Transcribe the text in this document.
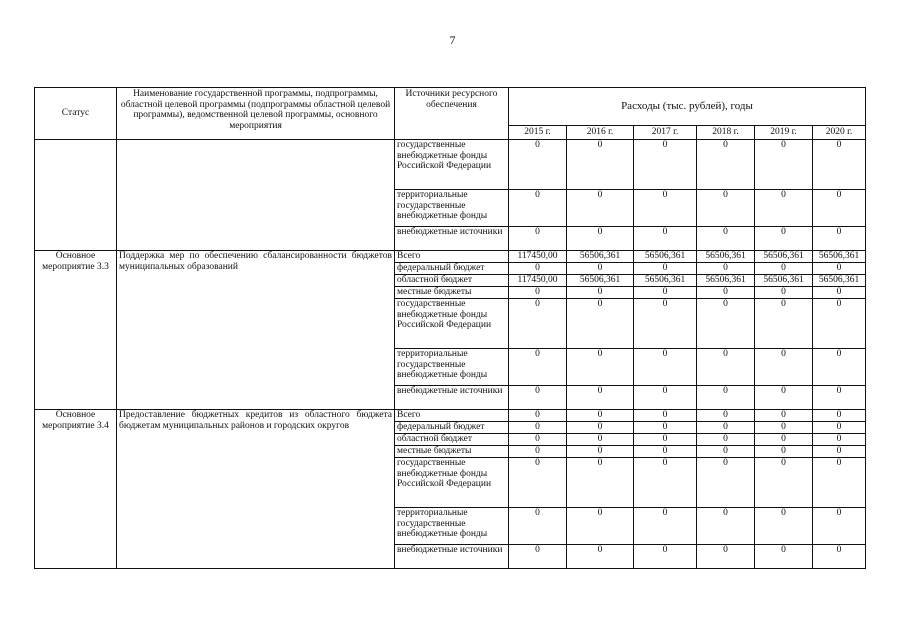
7
Статус	Наименование государственной программы, подпрограммы, областной целевой программы (подпрограммы областной целевой программы), ведомственной целевой программы, основного мероприятия	Источники ресурсного обеспечения	Расходы (тыс. рублей), годы					
			2015 г.	2016 г.	2017 г.	2018 г.	2019 г.	2020 г.
		государственные внебюджетные фонды Российской Федерации	0	0	0	0	0	0
		территориальные государственные внебюджетные фонды	0	0	0	0	0	0
		внебюджетные источники	0	0	0	0	0	0
Основное мероприятие 3.3	Поддержка мер по обеспечению сбалансированности бюджетов муниципальных образований	Всего	117450,00	56506,361	56506,361	56506,361	56506,361	56506,361
		федеральный бюджет	0	0	0	0	0	0
		областной бюджет	117450,00	56506,361	56506,361	56506,361	56506,361	56506,361
		местные бюджеты	0	0	0	0	0	0
		государственные внебюджетные фонды Российской Федерации	0	0	0	0	0	0
		территориальные государственные внебюджетные фонды	0	0	0	0	0	0
		внебюджетные источники	0	0	0	0	0	0
Основное мероприятие 3.4	Предоставление бюджетных кредитов из областного бюджета бюджетам муниципальных районов и городских округов	Всего	0	0	0	0	0	0
		федеральный бюджет	0	0	0	0	0	0
		областной бюджет	0	0	0	0	0	0
		местные бюджеты	0	0	0	0	0	0
		государственные внебюджетные фонды Российской Федерации	0	0	0	0	0	0
		территориальные государственные внебюджетные фонды	0	0	0	0	0	0
		внебюджетные источники	0	0	0	0	0	0
